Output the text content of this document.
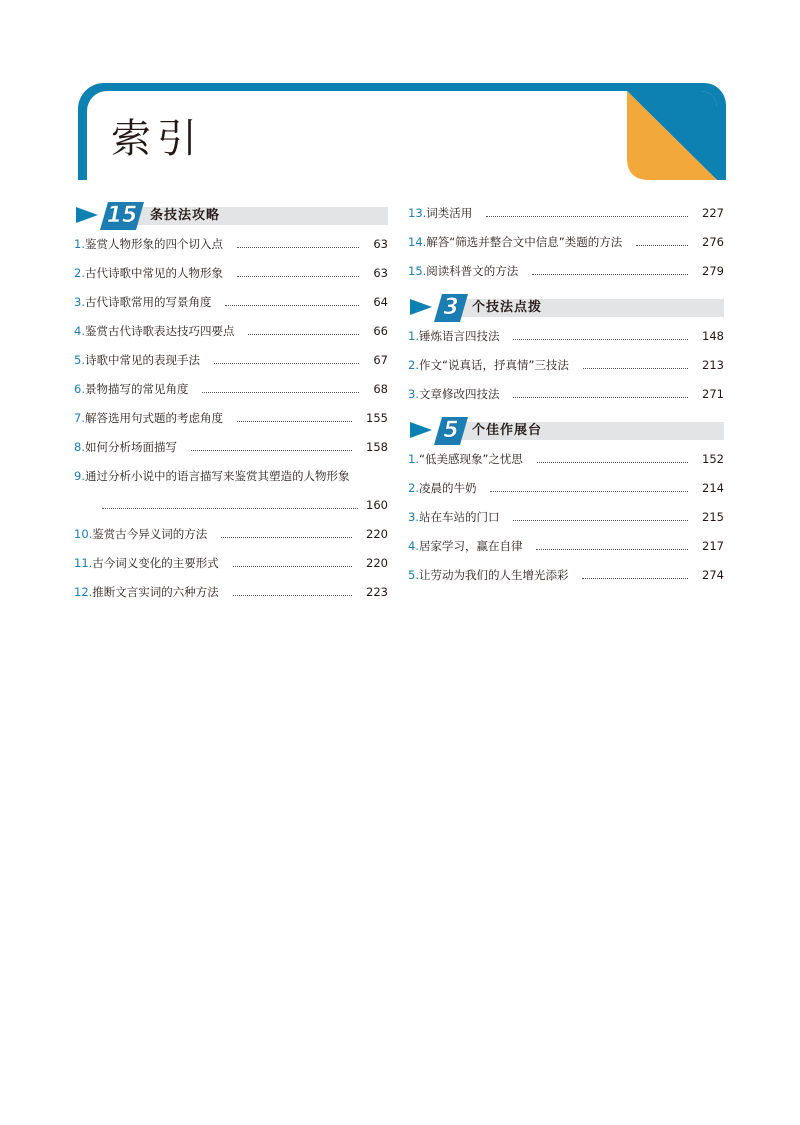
索引
15 条技法攻略
1.鉴赏人物形象的四个切入点	63
2.古代诗歌中常见的人物形象	63
3.古代诗歌常用的写景角度	64
4.鉴赏古代诗歌表达技巧四要点	66
5.诗歌中常见的表现手法	67
6.景物描写的常见角度	68
7.解答选用句式题的考虑角度	155
8.如何分析场面描写	158
9.通过分析小说中的语言描写来鉴赏其塑造的人物形象
160
10.鉴赏古今异义词的方法	220
11.古今词义变化的主要形式	220
12.推断文言实词的六种方法	223
13.词类活用	227
14.解答“筛选并整合文中信息”类题的方法	276
15.阅读科普文的方法	279
3	个技法点拨
1.锤炼语言四技法	148
2.作文“说真话，抒真情”三技法	213
3.文章修改四技法	271
5	个佳作展台
1.“低美感现象”之忧思	152
2.凌晨的牛奶	214
3.站在车站的门口	215
4.居家学习，赢在自律	217
5.让劳动为我们的人生增光添彩	274
